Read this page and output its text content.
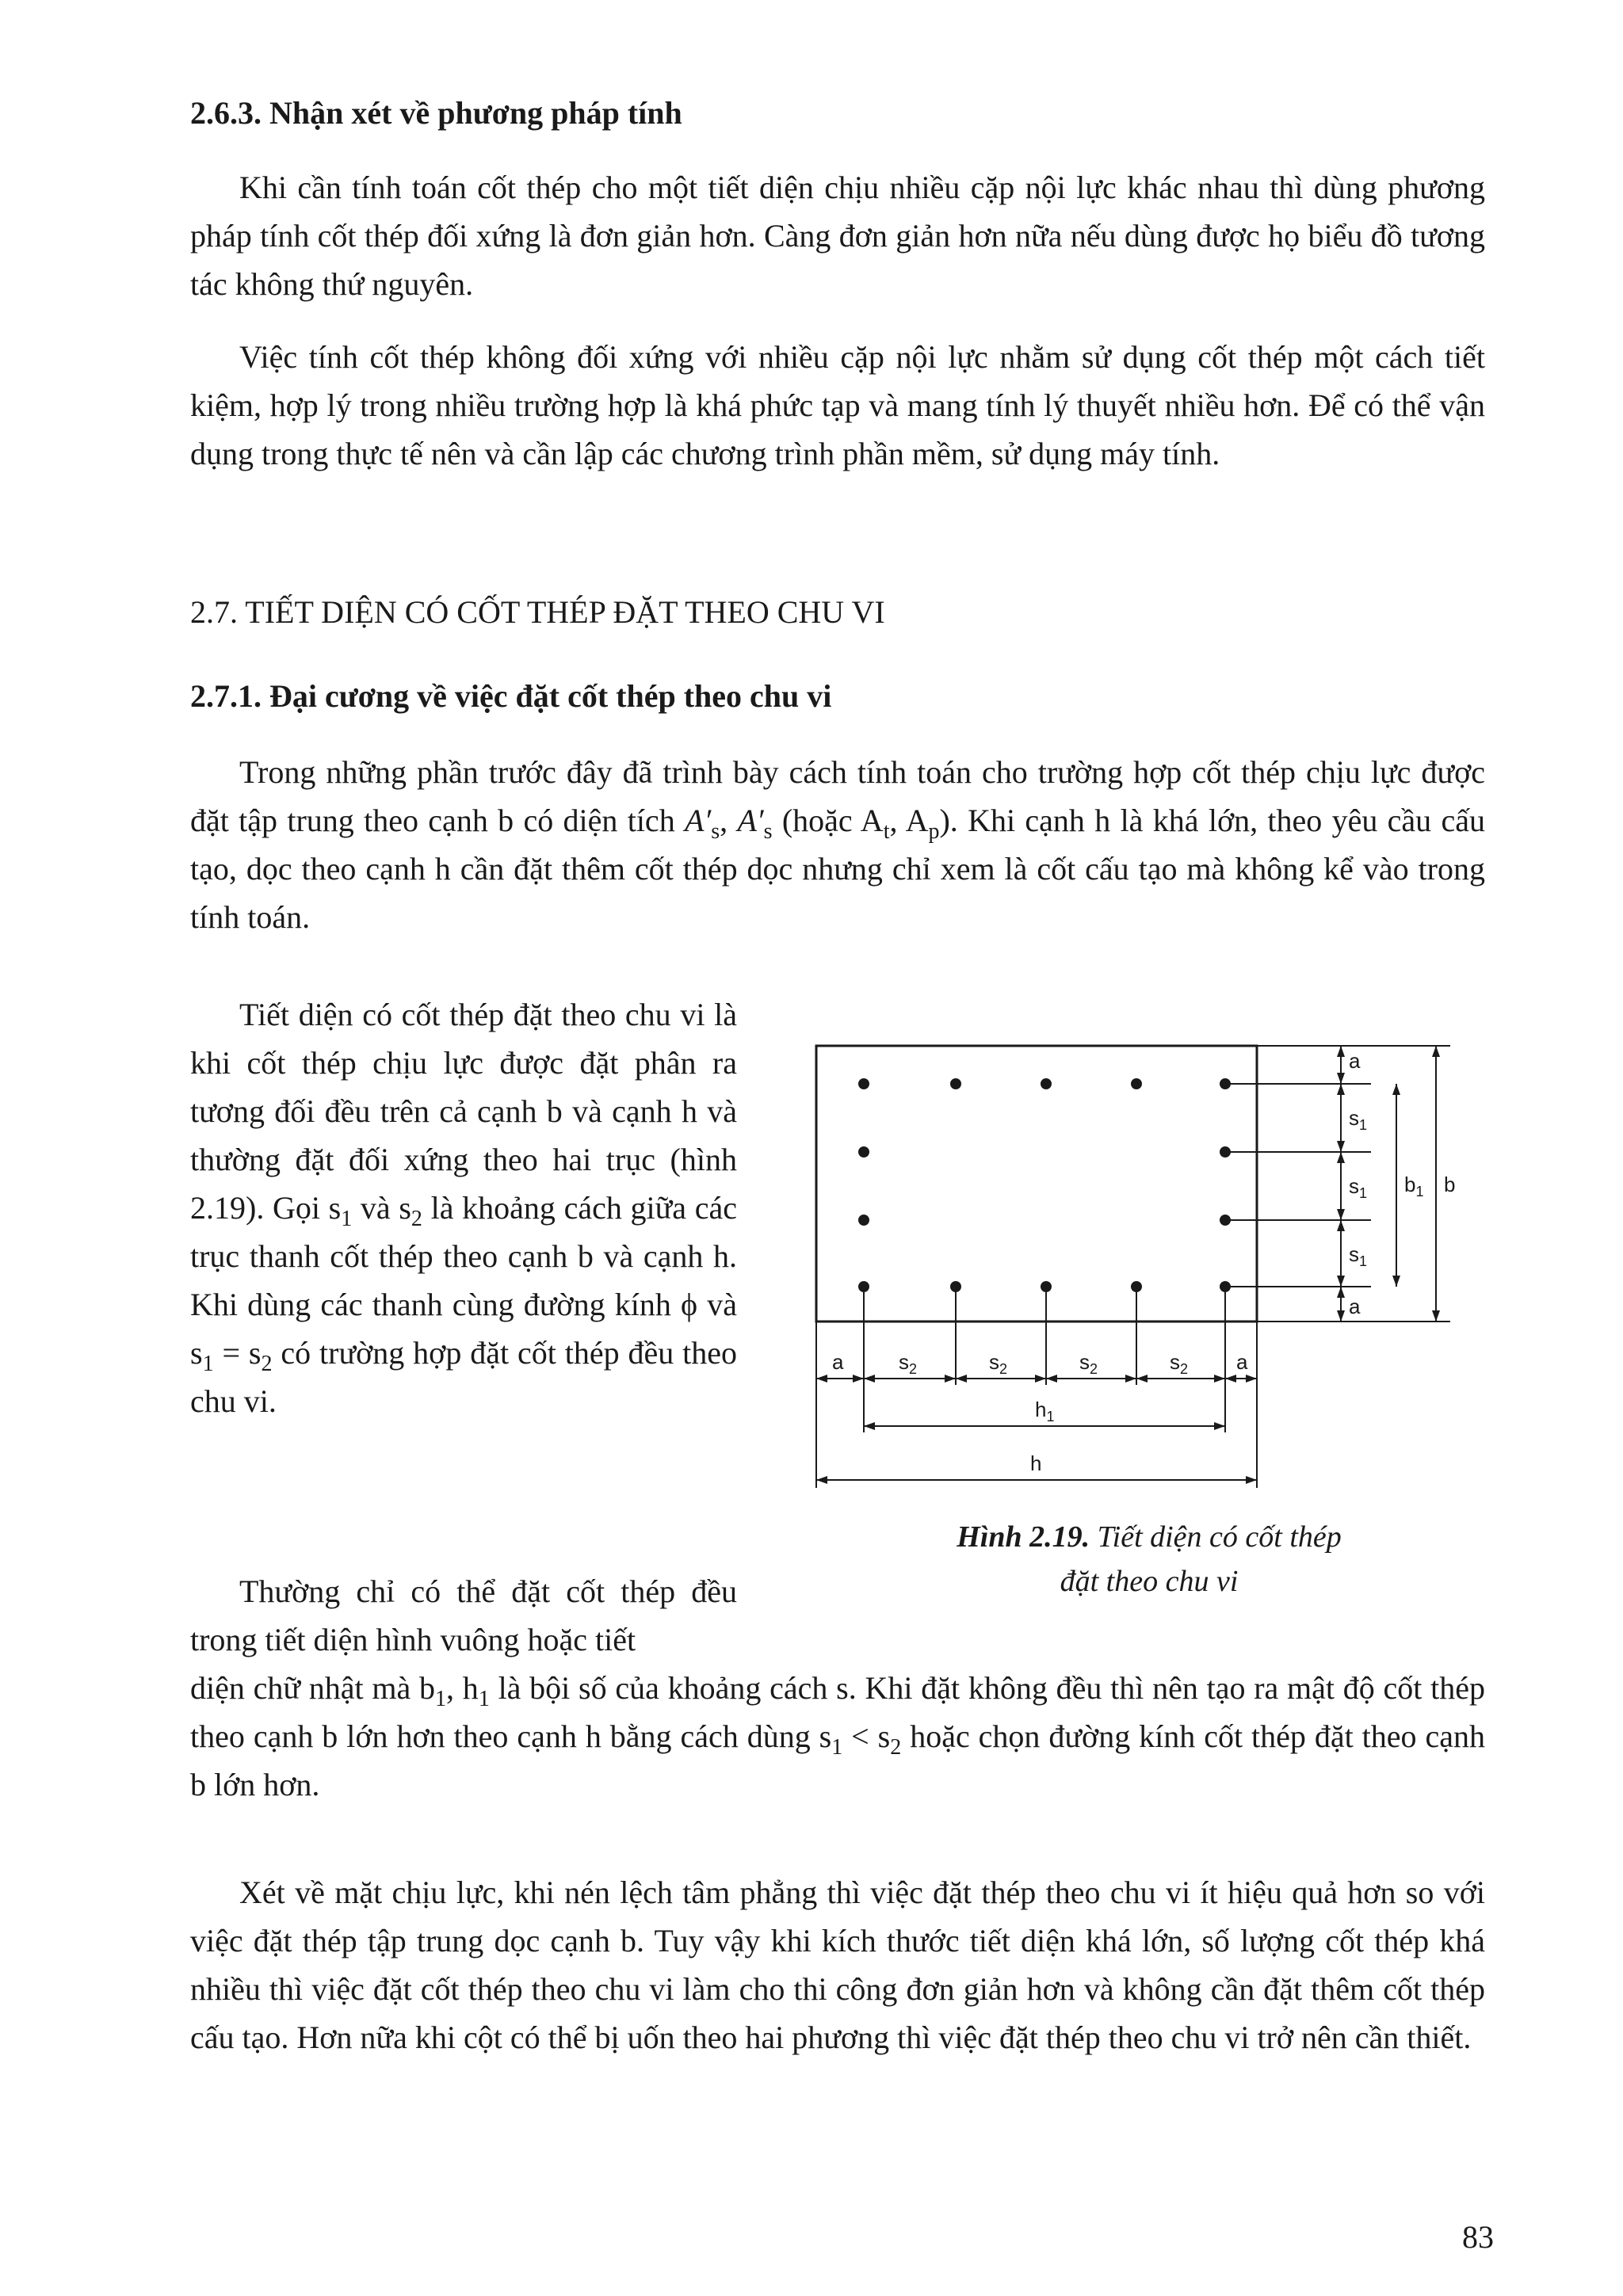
2.6.3. Nhận xét về phương pháp tính
Khi cần tính toán cốt thép cho một tiết diện chịu nhiều cặp nội lực khác nhau thì dùng phương pháp tính cốt thép đối xứng là đơn giản hơn. Càng đơn giản hơn nữa nếu dùng được họ biểu đồ tương tác không thứ nguyên.
Việc tính cốt thép không đối xứng với nhiều cặp nội lực nhằm sử dụng cốt thép một cách tiết kiệm, hợp lý trong nhiều trường hợp là khá phức tạp và mang tính lý thuyết nhiều hơn. Để có thể vận dụng trong thực tế nên và cần lập các chương trình phần mềm, sử dụng máy tính.
2.7. TIẾT DIỆN CÓ CỐT THÉP ĐẶT THEO CHU VI
2.7.1. Đại cương về việc đặt cốt thép theo chu vi
Trong những phần trước đây đã trình bày cách tính toán cho trường hợp cốt thép chịu lực được đặt tập trung theo cạnh b có diện tích $A'_s$, $A'_s$ (hoặc $A_t$, $A_p$). Khi cạnh h là khá lớn, theo yêu cầu cấu tạo, dọc theo cạnh h cần đặt thêm cốt thép dọc nhưng chỉ xem là cốt cấu tạo mà không kể vào trong tính toán.
Tiết diện có cốt thép đặt theo chu vi là khi cốt thép chịu lực được đặt phân ra tương đối đều trên cả cạnh b và cạnh h và thường đặt đối xứng theo hai trục (hình 2.19). Gọi $s_1$ và $s_2$ là khoảng cách giữa các trục thanh cốt thép theo cạnh b và cạnh h. Khi dùng các thanh cùng đường kính ϕ và $s_1 = s_2$ có trường hợp đặt cốt thép đều theo chu vi.
Thường chỉ có thể đặt cốt thép đều trong tiết diện hình vuông hoặc tiết
diện chữ nhật mà $b_1$, $h_1$ là bội số của khoảng cách s. Khi đặt không đều thì nên tạo ra mật độ cốt thép theo cạnh b lớn hơn theo cạnh h bằng cách dùng $s_1 < s_2$ hoặc chọn đường kính cốt thép đặt theo cạnh b lớn hơn.
Xét về mặt chịu lực, khi nén lệch tâm phẳng thì việc đặt thép theo chu vi ít hiệu quả hơn so với việc đặt thép tập trung dọc cạnh b. Tuy vậy khi kích thước tiết diện khá lớn, số lượng cốt thép khá nhiều thì việc đặt cốt thép theo chu vi làm cho thi công đơn giản hơn và không cần đặt thêm cốt thép cấu tạo. Hơn nữa khi cột có thể bị uốn theo hai phương thì việc đặt thép theo chu vi trở nên cần thiết.
a
$s_1$
$s_1$
$s_1$
a
$b_1$ b
a	$s_2$	$s_2$	$s_2$	$s_2$ a
$h_1$
h
Hình 2.19. Tiết diện có cốt thép
đặt theo chu vi
83
